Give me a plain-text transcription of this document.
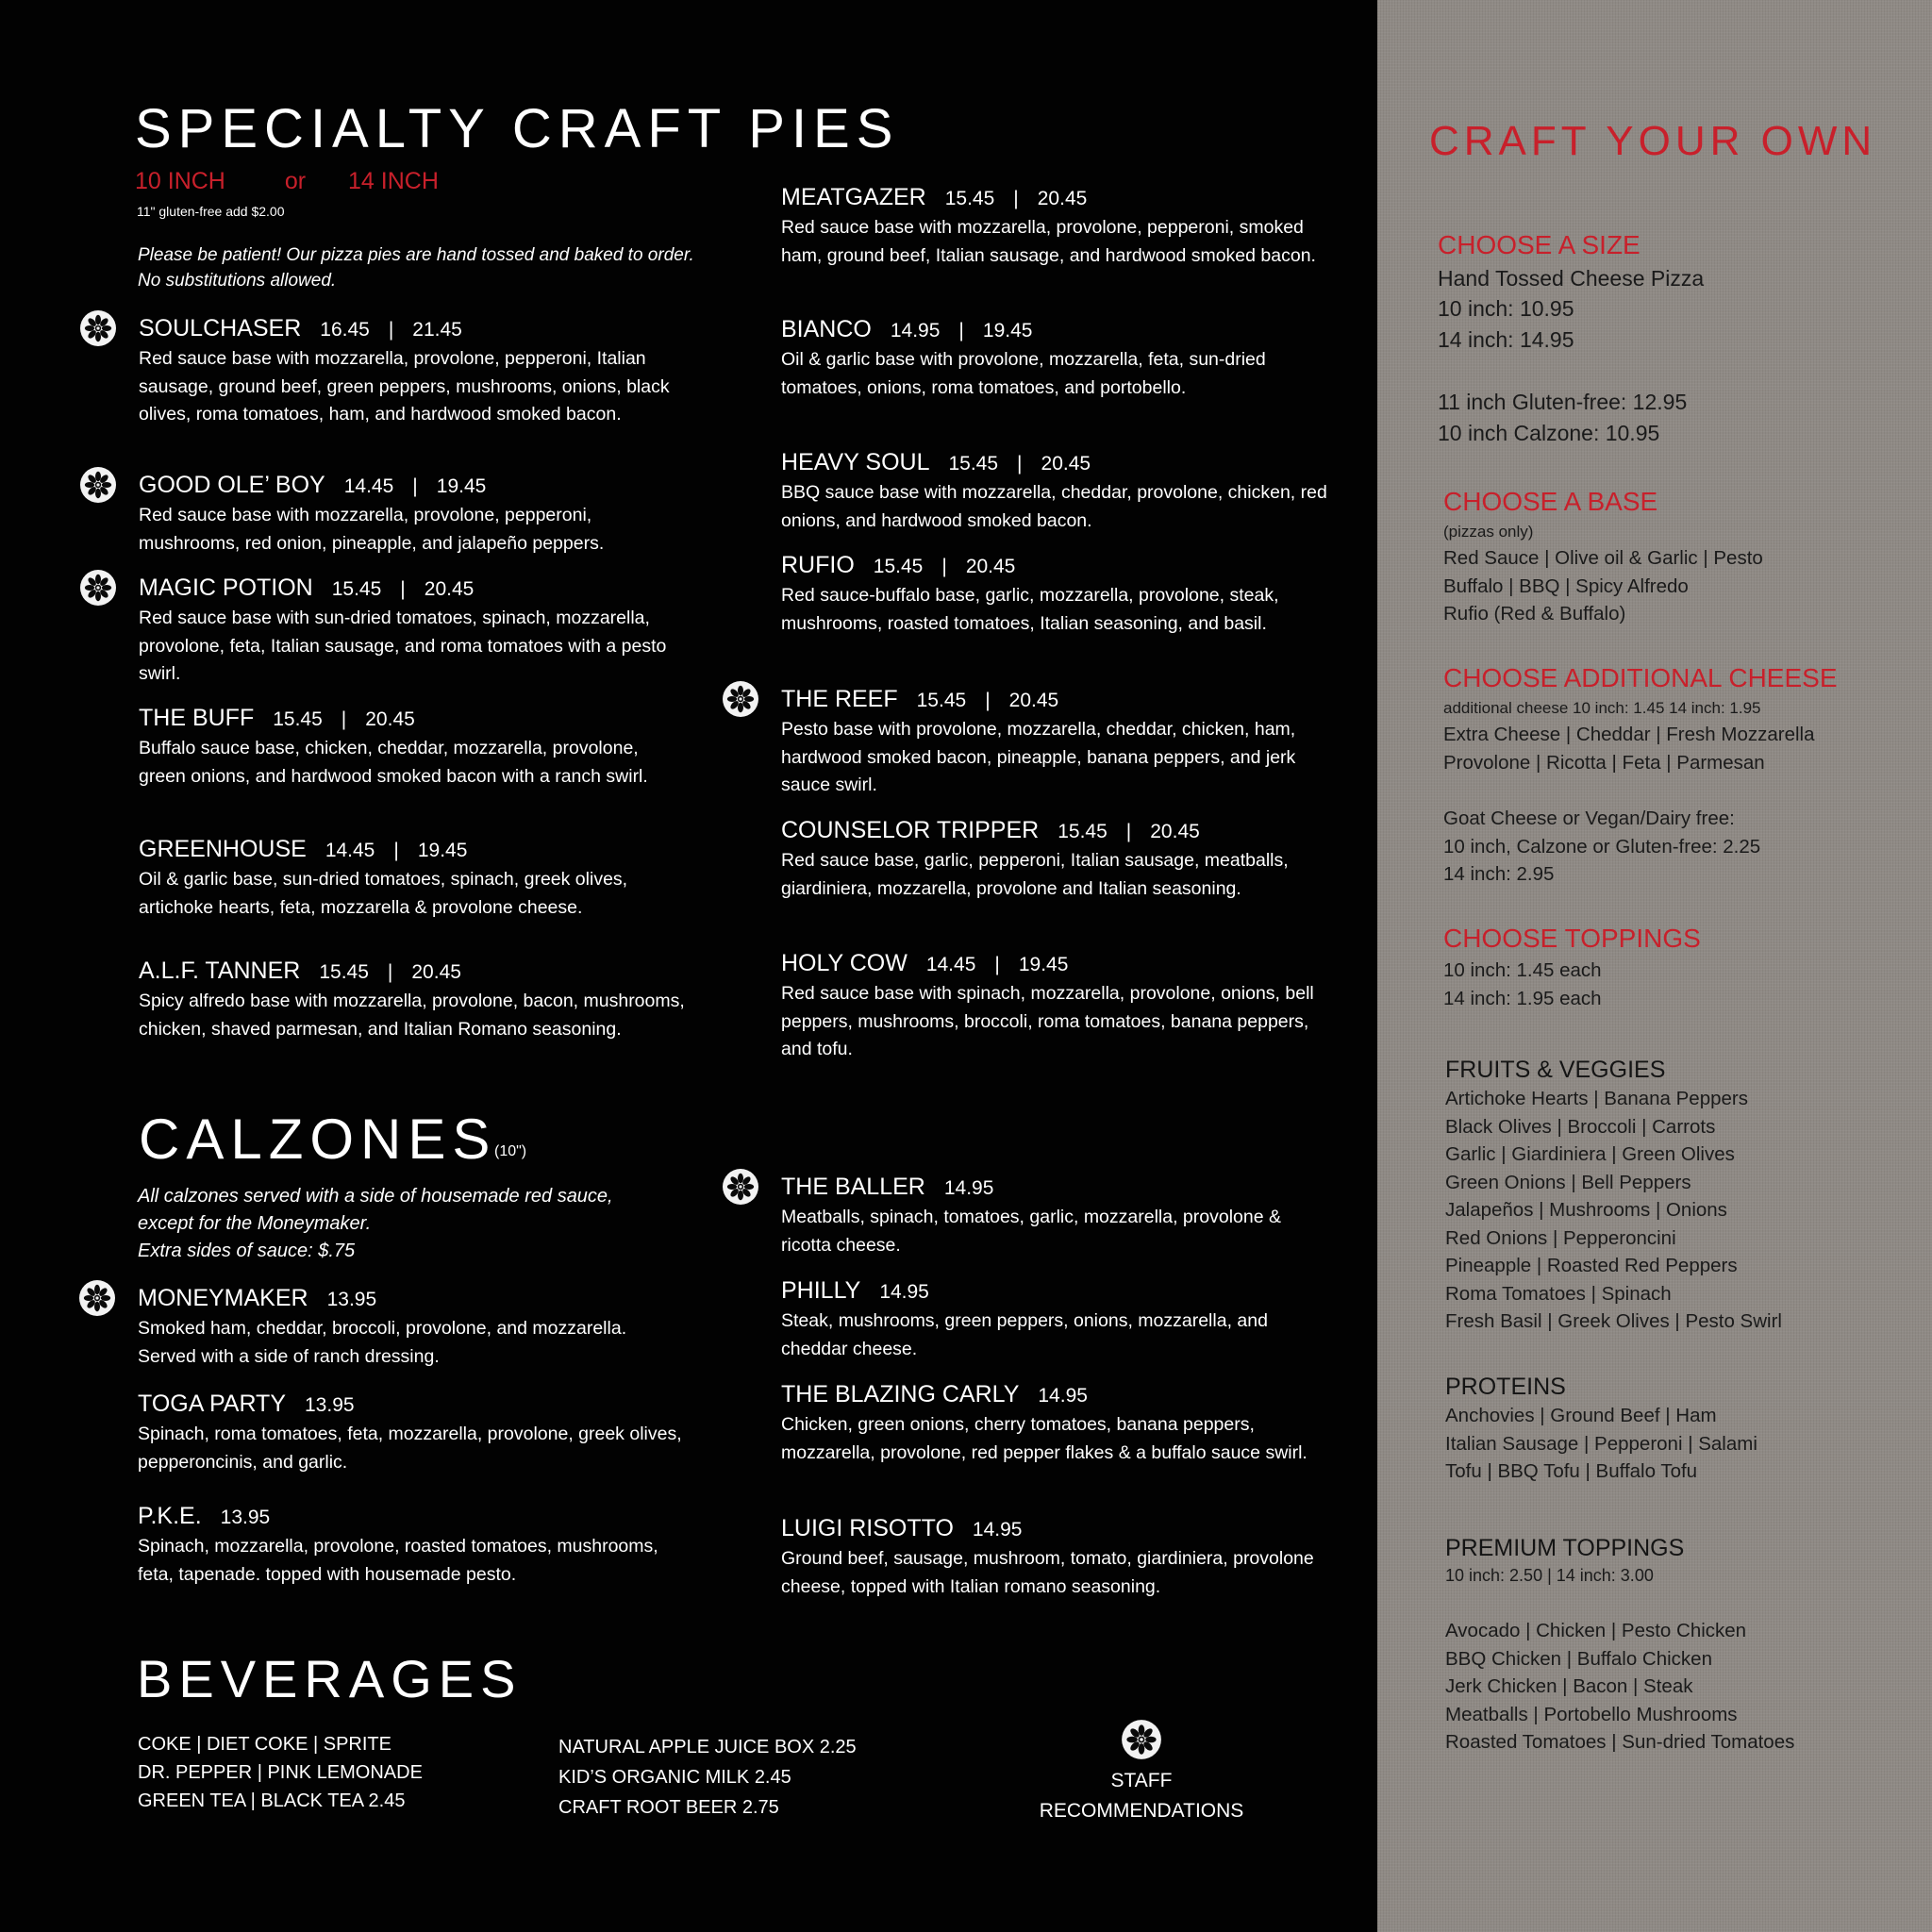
SPECIALTY CRAFT PIES
10 INCH	or 14 INCH
11" gluten-free add $2.00
Please be patient! Our pizza pies are hand tossed and baked to order.
No substitutions allowed.
SOULCHASER 16.45 | 21.45
Red sauce base with mozzarella, provolone, pepperoni, Italian sausage, ground beef, green peppers, mushrooms, onions, black olives, roma tomatoes, ham, and hardwood smoked bacon.
GOOD OLE’ BOY 14.45 | 19.45
Red sauce base with mozzarella, provolone, pepperoni, mushrooms, red onion, pineapple, and jalapeño peppers.
MAGIC POTION 15.45 | 20.45
Red sauce base with sun-dried tomatoes, spinach, mozzarella, provolone, feta, Italian sausage, and roma tomatoes with a pesto swirl.
THE BUFF 15.45 | 20.45
Buffalo sauce base, chicken, cheddar, mozzarella, provolone, green onions, and hardwood smoked bacon with a ranch swirl.
GREENHOUSE 14.45 | 19.45
Oil & garlic base, sun-dried tomatoes, spinach, greek olives, artichoke hearts, feta, mozzarella & provolone cheese.
A.L.F. TANNER 15.45 | 20.45
Spicy alfredo base with mozzarella, provolone, bacon, mushrooms, chicken, shaved parmesan, and Italian Romano seasoning.
MEATGAZER 15.45 | 20.45
Red sauce base with mozzarella, provolone, pepperoni, smoked ham, ground beef, Italian sausage, and hardwood smoked bacon.
BIANCO 14.95 | 19.45
Oil & garlic base with provolone, mozzarella, feta, sun-dried tomatoes, onions, roma tomatoes, and portobello.
HEAVY SOUL 15.45 | 20.45
BBQ sauce base with mozzarella, cheddar, provolone, chicken, red onions, and hardwood smoked bacon.
RUFIO 15.45 | 20.45
Red sauce-buffalo base, garlic, mozzarella, provolone, steak, mushrooms, roasted tomatoes, Italian seasoning, and basil.
THE REEF 15.45 | 20.45
Pesto base with provolone, mozzarella, cheddar, chicken, ham, hardwood smoked bacon, pineapple, banana peppers, and jerk sauce swirl.
COUNSELOR TRIPPER 15.45 | 20.45
Red sauce base, garlic, pepperoni, Italian sausage, meatballs, giardiniera, mozzarella, provolone and Italian seasoning.
HOLY COW 14.45 | 19.45
Red sauce base with spinach, mozzarella, provolone, onions, bell peppers, mushrooms, broccoli, roma tomatoes, banana peppers, and tofu.
CALZONES
(10")
All calzones served with a side of housemade red sauce,
except for the Moneymaker.
Extra sides of sauce: $.75
MONEYMAKER 13.95
Smoked ham, cheddar, broccoli, provolone, and mozzarella. Served with a side of ranch dressing.
TOGA PARTY 13.95
Spinach, roma tomatoes, feta, mozzarella, provolone, greek olives, pepperoncinis, and garlic.
P.K.E. 13.95
Spinach, mozzarella, provolone, roasted tomatoes, mushrooms, feta, tapenade. topped with housemade pesto.
THE BALLER 14.95
Meatballs, spinach, tomatoes, garlic, mozzarella, provolone & ricotta cheese.
PHILLY 14.95
Steak, mushrooms, green peppers, onions, mozzarella, and cheddar cheese.
THE BLAZING CARLY 14.95
Chicken, green onions, cherry tomatoes, banana peppers, mozzarella, provolone, red pepper flakes & a buffalo sauce swirl.
LUIGI RISOTTO 14.95
Ground beef, sausage, mushroom, tomato, giardiniera, provolone cheese, topped with Italian romano seasoning.
BEVERAGES
COKE | DIET COKE | SPRITE
DR. PEPPER | PINK LEMONADE
GREEN TEA | BLACK TEA 2.45
NATURAL APPLE JUICE BOX 2.25
KID’S ORGANIC MILK 2.45
CRAFT ROOT BEER 2.75
STAFF
RECOMMENDATIONS
CRAFT YOUR OWN
CHOOSE A SIZE
Hand Tossed Cheese Pizza
10 inch: 10.95
14 inch: 14.95
11 inch Gluten-free: 12.95
10 inch Calzone: 10.95
CHOOSE A BASE
(pizzas only)
Red Sauce | Olive oil & Garlic | Pesto
Buffalo | BBQ | Spicy Alfredo
Rufio (Red & Buffalo)
CHOOSE ADDITIONAL CHEESE
additional cheese 10 inch: 1.45 14 inch: 1.95
Extra Cheese | Cheddar | Fresh Mozzarella
Provolone | Ricotta | Feta | Parmesan
Goat Cheese or Vegan/Dairy free:
10 inch, Calzone or Gluten-free: 2.25
14 inch: 2.95
CHOOSE TOPPINGS
10 inch: 1.45 each
14 inch: 1.95 each
FRUITS & VEGGIES
Artichoke Hearts | Banana Peppers
Black Olives | Broccoli | Carrots
Garlic | Giardiniera | Green Olives
Green Onions | Bell Peppers
Jalapeños | Mushrooms | Onions
Red Onions | Pepperoncini
Pineapple | Roasted Red Peppers
Roma Tomatoes | Spinach
Fresh Basil | Greek Olives | Pesto Swirl
PROTEINS
Anchovies | Ground Beef | Ham
Italian Sausage | Pepperoni | Salami
Tofu | BBQ Tofu | Buffalo Tofu
PREMIUM TOPPINGS
10 inch: 2.50 | 14 inch: 3.00
Avocado | Chicken | Pesto Chicken
BBQ Chicken | Buffalo Chicken
Jerk Chicken | Bacon | Steak
Meatballs | Portobello Mushrooms
Roasted Tomatoes | Sun-dried Tomatoes
